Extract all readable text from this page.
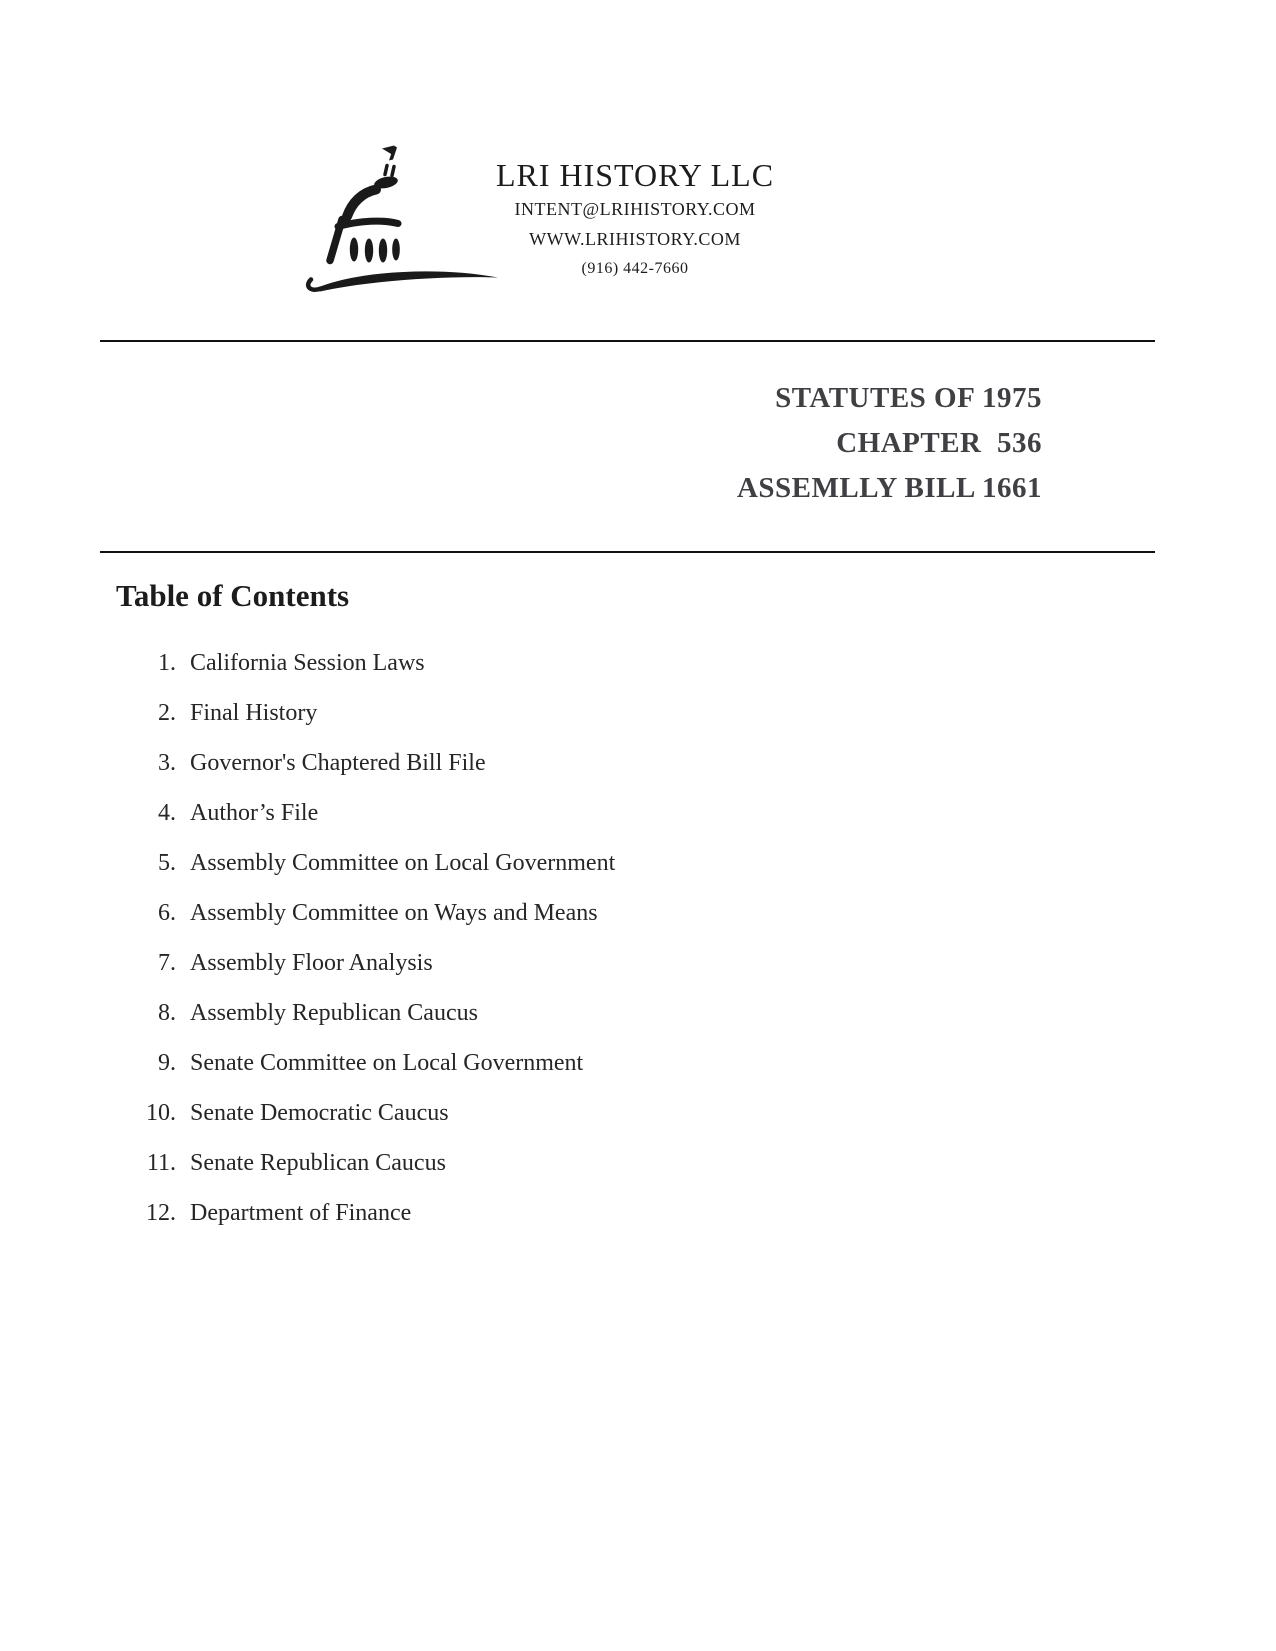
LRI HISTORY LLC
INTENT@LRIHISTORY.COM
WWW.LRIHISTORY.COM
(916) 442-7660
STATUTES OF 1975
CHAPTER  536
ASSEMLLY BILL 1661
Table of Contents
1. California Session Laws
2. Final History
3. Governor's Chaptered Bill File
4. Author’s File
5. Assembly Committee on Local Government
6. Assembly Committee on Ways and Means
7. Assembly Floor Analysis
8. Assembly Republican Caucus
9. Senate Committee on Local Government
10. Senate Democratic Caucus
11. Senate Republican Caucus
12. Department of Finance
